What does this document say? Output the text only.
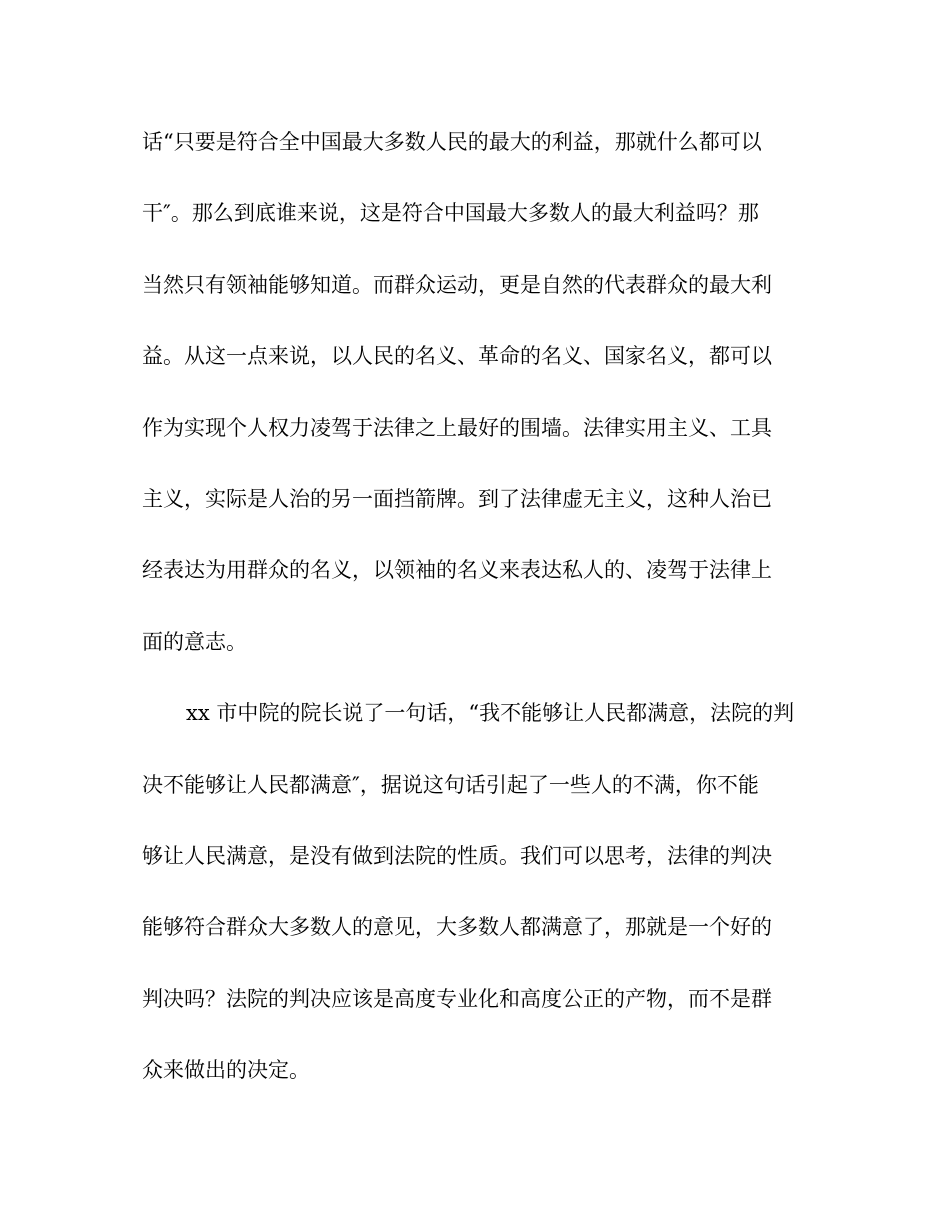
话“只要是符合全中国最大多数人民的最大的利益，那就什么都可以
干″。那么到底谁来说，这是符合中国最大多数人的最大利益吗？那
当然只有领袖能够知道。而群众运动，更是自然的代表群众的最大利
益。从这一点来说，以人民的名义、革命的名义、国家名义，都可以
作为实现个人权力凌驾于法律之上最好的围墙。法律实用主义、工具
主义，实际是人治的另一面挡箭牌。到了法律虚无主义，这种人治已
经表达为用群众的名义，以领袖的名义来表达私人的、凌驾于法律上
面的意志。
xx 市中院的院长说了一句话，“我不能够让人民都满意，法院的判
决不能够让人民都满意″，据说这句话引起了一些人的不满，你不能
够让人民满意，是没有做到法院的性质。我们可以思考，法律的判决
能够符合群众大多数人的意见，大多数人都满意了，那就是一个好的
判决吗？法院的判决应该是高度专业化和高度公正的产物，而不是群
众来做出的决定。
